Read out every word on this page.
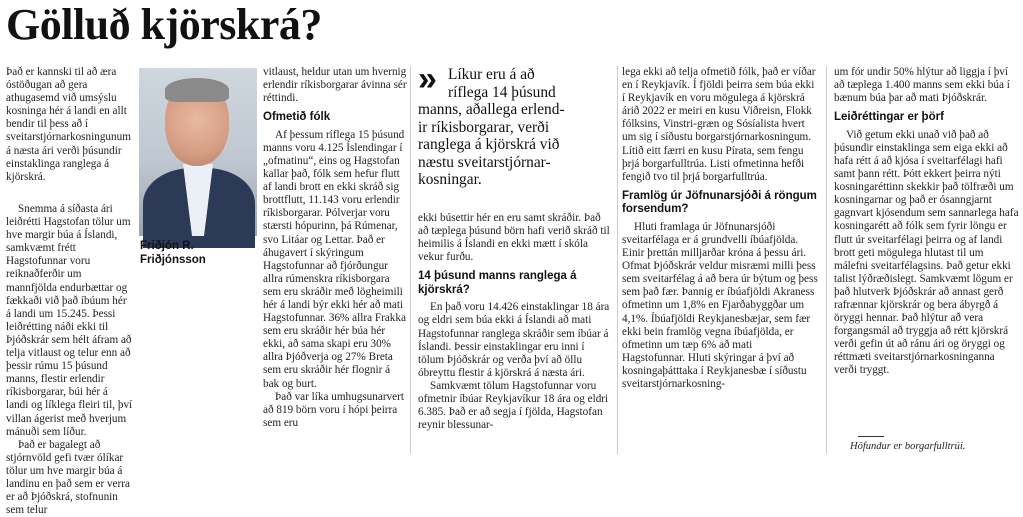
Gölluð kjörskrá?

Það er kannski til að æra óstöðugan að gera athugasemd við umsýslu kosninga hér á landi en allt bendir til þess að í sveitarstjórnarkosningunum á næsta ári verði þúsundir einstaklinga ranglega á kjörskrá.

Snemma á síðasta ári leiðrétti Hagstofan tölur um hve margir búa á Íslandi, samkvæmt frétt Hagstofunnar voru reiknaðferðir um mannfjölda endurbættar og fækkaði við það íbúum hér á landi um 15.245. Þessi leiðrétting náði ekki til Þjóðskrár sem hélt áfram að telja vitlaust og telur enn að þessir rúmu 15 þúsund manns, flestir erlendir ríkisborgarar, búi hér á landi og líklega fleiri til, því villan ágerist með hverjum mánuði sem líður.

Það er bagalegt að stjórnvöld gefi tvær ólíkar tölur um hve margir búa á landinu en það sem er verra er að Þjóðskrá, stofnunin sem telur

Friðjón R.
Friðjónsson

vitlaust, heldur utan um hvernig erlendir ríkisborgarar ávinna sér réttindi.

Ofmetið fólk

Af þessum ríflega 15 þúsund manns voru 4.125 Íslendingar í „ofmatinu“, eins og Hagstofan kallar það, fólk sem hefur flutt af landi brott en ekki skráð sig brottflutt, 11.143 voru erlendir ríkisborgarar. Pólverjar voru stærsti hópurinn, þá Rúmenar, svo Litáar og Lettar. Það er áhugavert í skýringum Hagstofunnar að fjórðungur allra rúmenskra ríkisborgara sem eru skráðir með lögheimili hér á landi býr ekki hér að mati Hagstofunnar. 36% allra Frakka sem eru skráðir hér búa hér ekki, að sama skapi eru 30% allra Þjóðverja og 27% Breta sem eru skráðir hér flognir á bak og burt.

Það var líka umhugsunarvert að 819 börn voru í hópi þeirra sem eru

» Líkur eru á að
ríflega 14 þúsund
manns, aðallega erlend-
ir ríkisborgarar, verði
ranglega á kjörskrá við
næstu sveitarstjórnar-
kosningar.

ekki búsettir hér en eru samt skráðir. Það að tæplega þúsund börn hafi verið skráð til heimilis á Íslandi en ekki mætt í skóla vekur furðu.

14 þúsund manns ranglega á kjörskrá?

En það voru 14.426 einstaklingar 18 ára og eldri sem búa ekki á Íslandi að mati Hagstofunnar ranglega skráðir sem íbúar á Íslandi. Þessir einstaklingar eru inni í tölum Þjóðskrár og verða því að öllu óbreyttu flestir á kjörskrá á næsta ári.

Samkvæmt tölum Hagstofunnar voru ofmetnir íbúar Reykjavíkur 18 ára og eldri 6.385. Það er að segja í fjölda, Hagstofan reynir blessunar-

lega ekki að telja ofmetið fólk, það er víðar en í Reykjavík. Í fjöldi þeirra sem búa ekki í Reykjavík en voru mögulega á kjörskrá árið 2022 er meiri en kusu Viðreisn, Flokk fólksins, Vinstri-græn og Sósíalista hvert um sig í síðustu borgarstjórnarkosningum. Lítið eitt færri en kusu Pírata, sem fengu þrjá borgarfulltrúa. Listi ofmetinna hefði fengið tvo til þrjá borgarfulltrúa.

Framlög úr Jöfnunarsjóði á röngum forsendum?

Hluti framlaga úr Jöfnunarsjóði sveitarfélaga er á grundvelli íbúafjölda. Einir þrettán milljarðar króna á þessu ári. Ofmat Þjóðskrár veldur misræmi milli þess sem sveitarfélag á að bera úr býtum og þess sem það fær. Þannig er íbúafjöldi Akraness ofmetinn um 1,8% en Fjarðabyggðar um 4,1%. Íbúafjöldi Reykjanesbæjar, sem fær ekki bein framlög vegna íbúafjölda, er ofmetinn um tæp 6% að mati Hagstofunnar. Hluti skýringar á því að kosningaþátttaka í Reykjanesbæ í síðustu sveitarstjórnarkosning-

um fór undir 50% hlýtur að liggja í því að tæplega 1.400 manns sem ekki búa í bænum búa þar að mati Þjóðskrár.

Leiðréttingar er þörf

Við getum ekki unað við það að þúsundir einstaklinga sem eiga ekki að hafa rétt á að kjósa í sveitarfélagi hafi samt þann rétt. Þótt ekkert þeirra nýti kosningaréttinn skekkir það tölfræði um kosningarnar og það er ósanngjarnt gagnvart kjósendum sem sannarlega hafa kosningarétt að fólk sem fyrir löngu er flutt úr sveitarfélagi þeirra og af landi brott geti mögulega hlutast til um málefni sveitarfélagsins. Það getur ekki talist lýðræðislegt. Samkvæmt lögum er það hlutverk Þjóðskrár að annast gerð rafrænnar kjörskrár og bera ábyrgð á öryggi hennar. Það hlýtur að vera forgangsmál að tryggja að rétt kjörskrá verði gefin út að ránu ári og öryggi og réttmæti sveitarstjórnarkosninganna verði tryggt.

Höfundur er borgarfulltrúi.
